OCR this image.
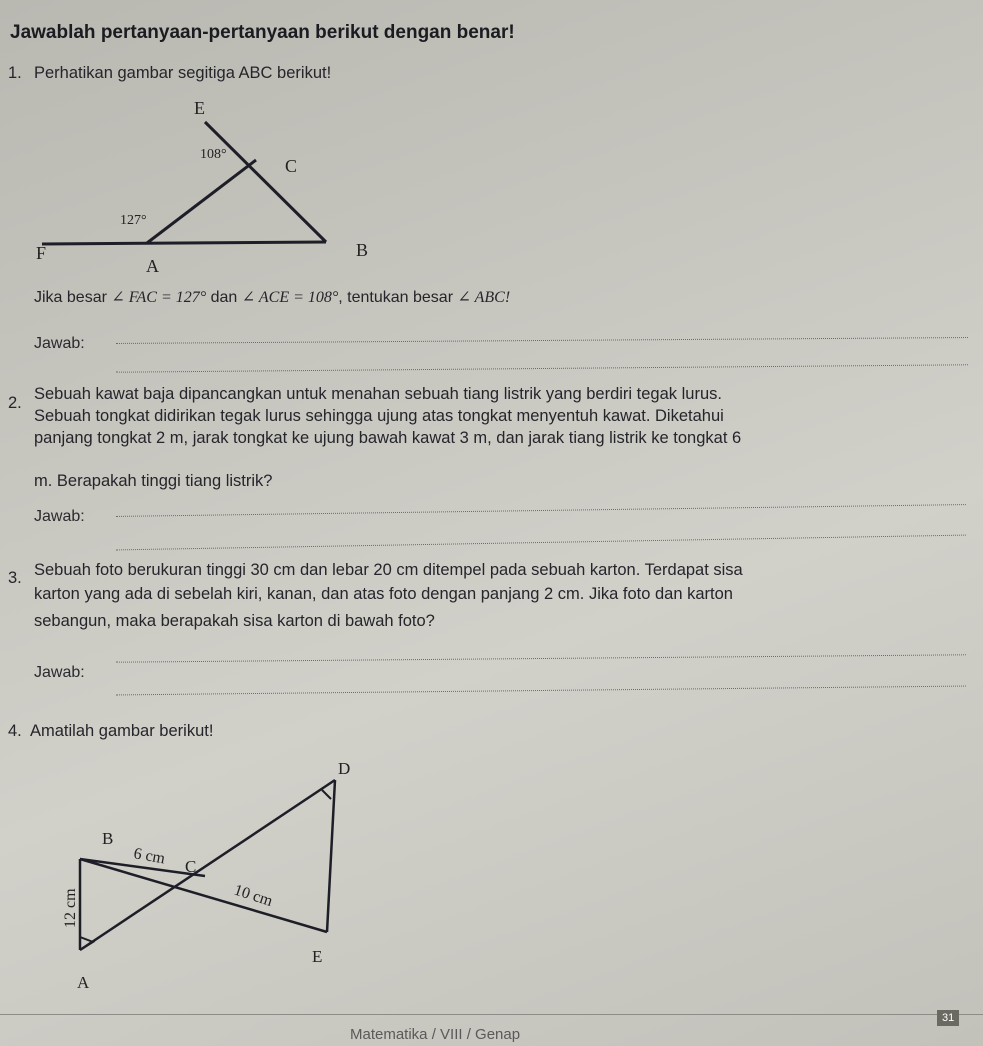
Jawablah pertanyaan-pertanyaan berikut dengan benar!
1. Perhatikan gambar segitiga ABC berikut!
E
C
F
A
B
108°
127°
Jika besar ∠ FAC = 127° dan ∠ ACE = 108°, tentukan besar ∠ ABC!
Jawab:
2. Sebuah kawat baja dipancangkan untuk menahan sebuah tiang listrik yang berdiri tegak lurus.
Sebuah tongkat didirikan tegak lurus sehingga ujung atas tongkat menyentuh kawat. Diketahui
panjang tongkat 2 m, jarak tongkat ke ujung bawah kawat 3 m, dan jarak tiang listrik ke tongkat 6
m. Berapakah tinggi tiang listrik?
Jawab:
3. Sebuah foto berukuran tinggi 30 cm dan lebar 20 cm ditempel pada sebuah karton. Terdapat sisa
karton yang ada di sebelah kiri, kanan, dan atas foto dengan panjang 2 cm. Jika foto dan karton
sebangun, maka berapakah sisa karton di bawah foto?
Jawab:
4. Amatilah gambar berikut!
D
B
C
E
A
6 cm
10 cm
12 cm
Matematika / VIII / Genap
31
